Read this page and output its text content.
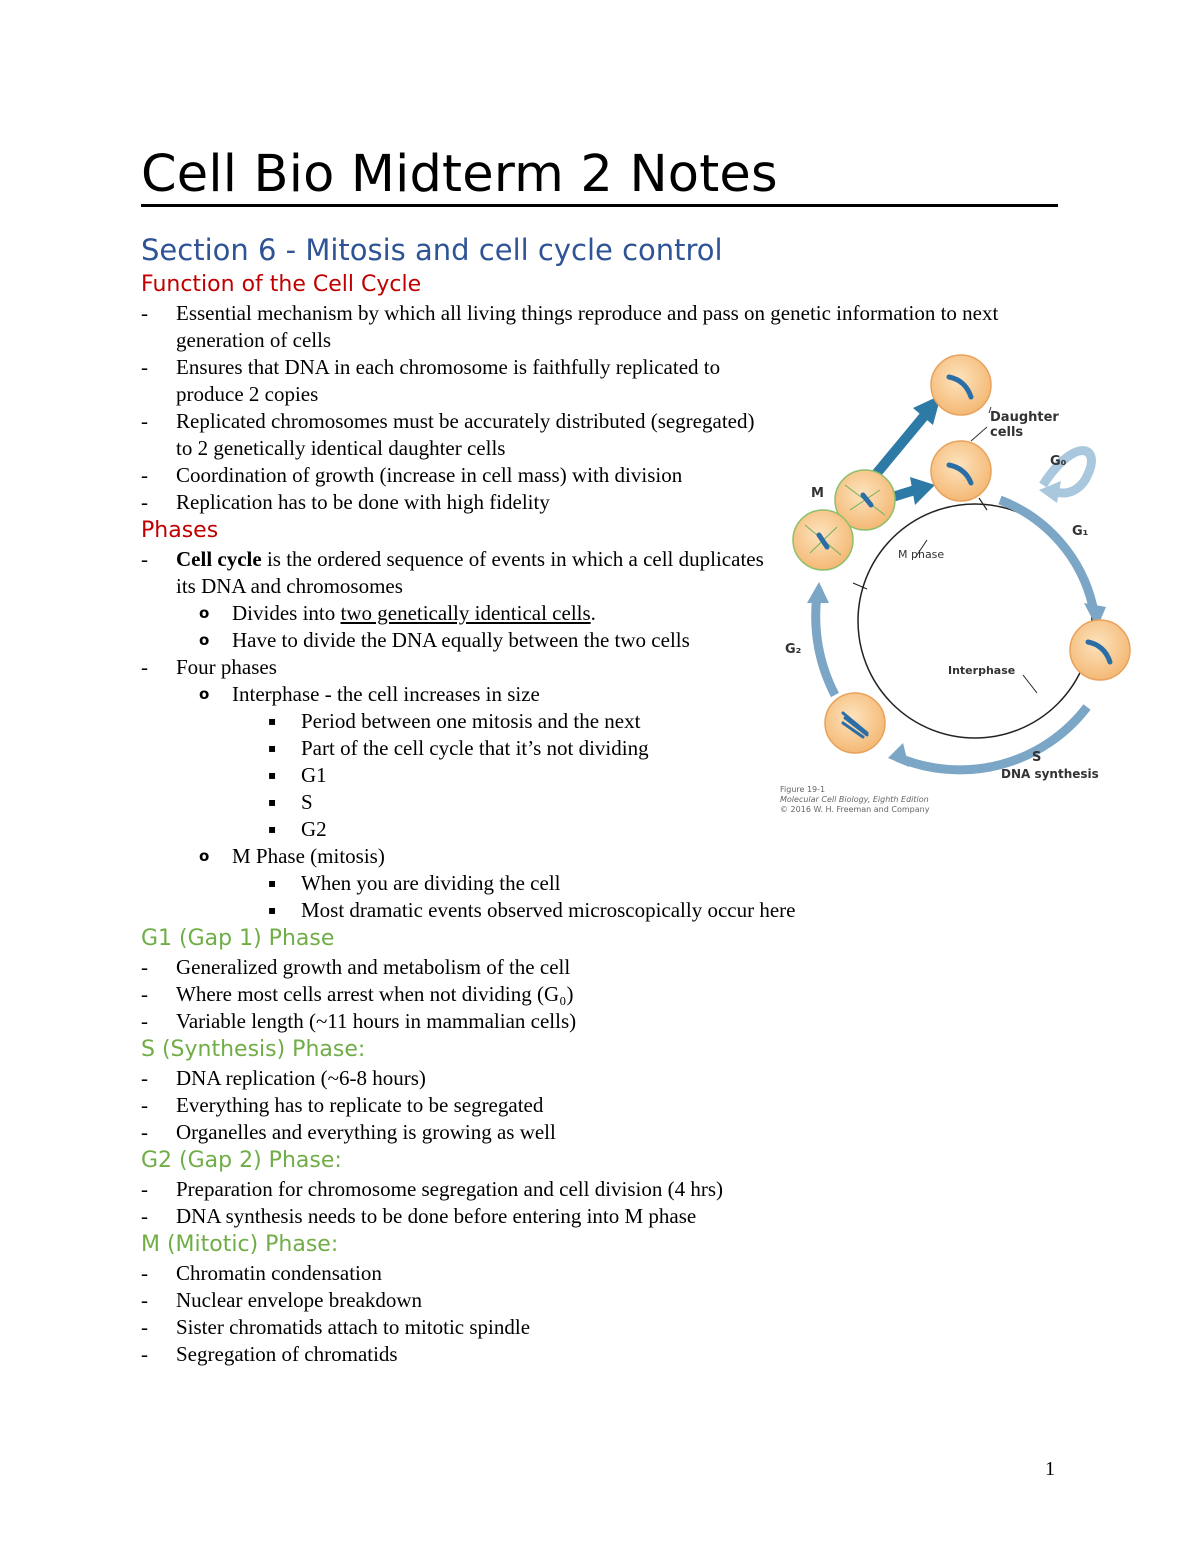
Cell Bio Midterm 2 Notes
Section 6 - Mitosis and cell cycle control
Function of the Cell Cycle
- Essential mechanism by which all living things reproduce and pass on genetic information to next generation of cells
- Ensures that DNA in each chromosome is faithfully replicated to produce 2 copies
- Replicated chromosomes must be accurately distributed (segregated) to 2 genetically identical daughter cells
- Coordination of growth (increase in cell mass) with division
- Replication has to be done with high fidelity
Phases
- Cell cycle is the ordered sequence of events in which a cell duplicates its DNA and chromosomes
o Divides into two genetically identical cells.
o Have to divide the DNA equally between the two cells
- Four phases
o Interphase - the cell increases in size
▪ Period between one mitosis and the next
▪ Part of the cell cycle that it’s not dividing
▪ G1
▪ S
▪ G2
o M Phase (mitosis)
▪ When you are dividing the cell
▪ Most dramatic events observed microscopically occur here
G1 (Gap 1) Phase
- Generalized growth and metabolism of the cell
- Where most cells arrest when not dividing (G₀)
- Variable length (~11 hours in mammalian cells)
S (Synthesis) Phase:
- DNA replication (~6-8 hours)
- Everything has to replicate to be segregated
- Organelles and everything is growing as well
G2 (Gap 2) Phase:
- Preparation for chromosome segregation and cell division (4 hrs)
- DNA synthesis needs to be done before entering into M phase
M (Mitotic) Phase:
- Chromatin condensation
- Nuclear envelope breakdown
- Sister chromatids attach to mitotic spindle
- Segregation of chromatids
Daughter
cells
G₀
M
M phase
G₁
G₂
Interphase
S
DNA synthesis
Figure 19-1
Molecular Cell Biology, Eighth Edition
© 2016 W. H. Freeman and Company
1
